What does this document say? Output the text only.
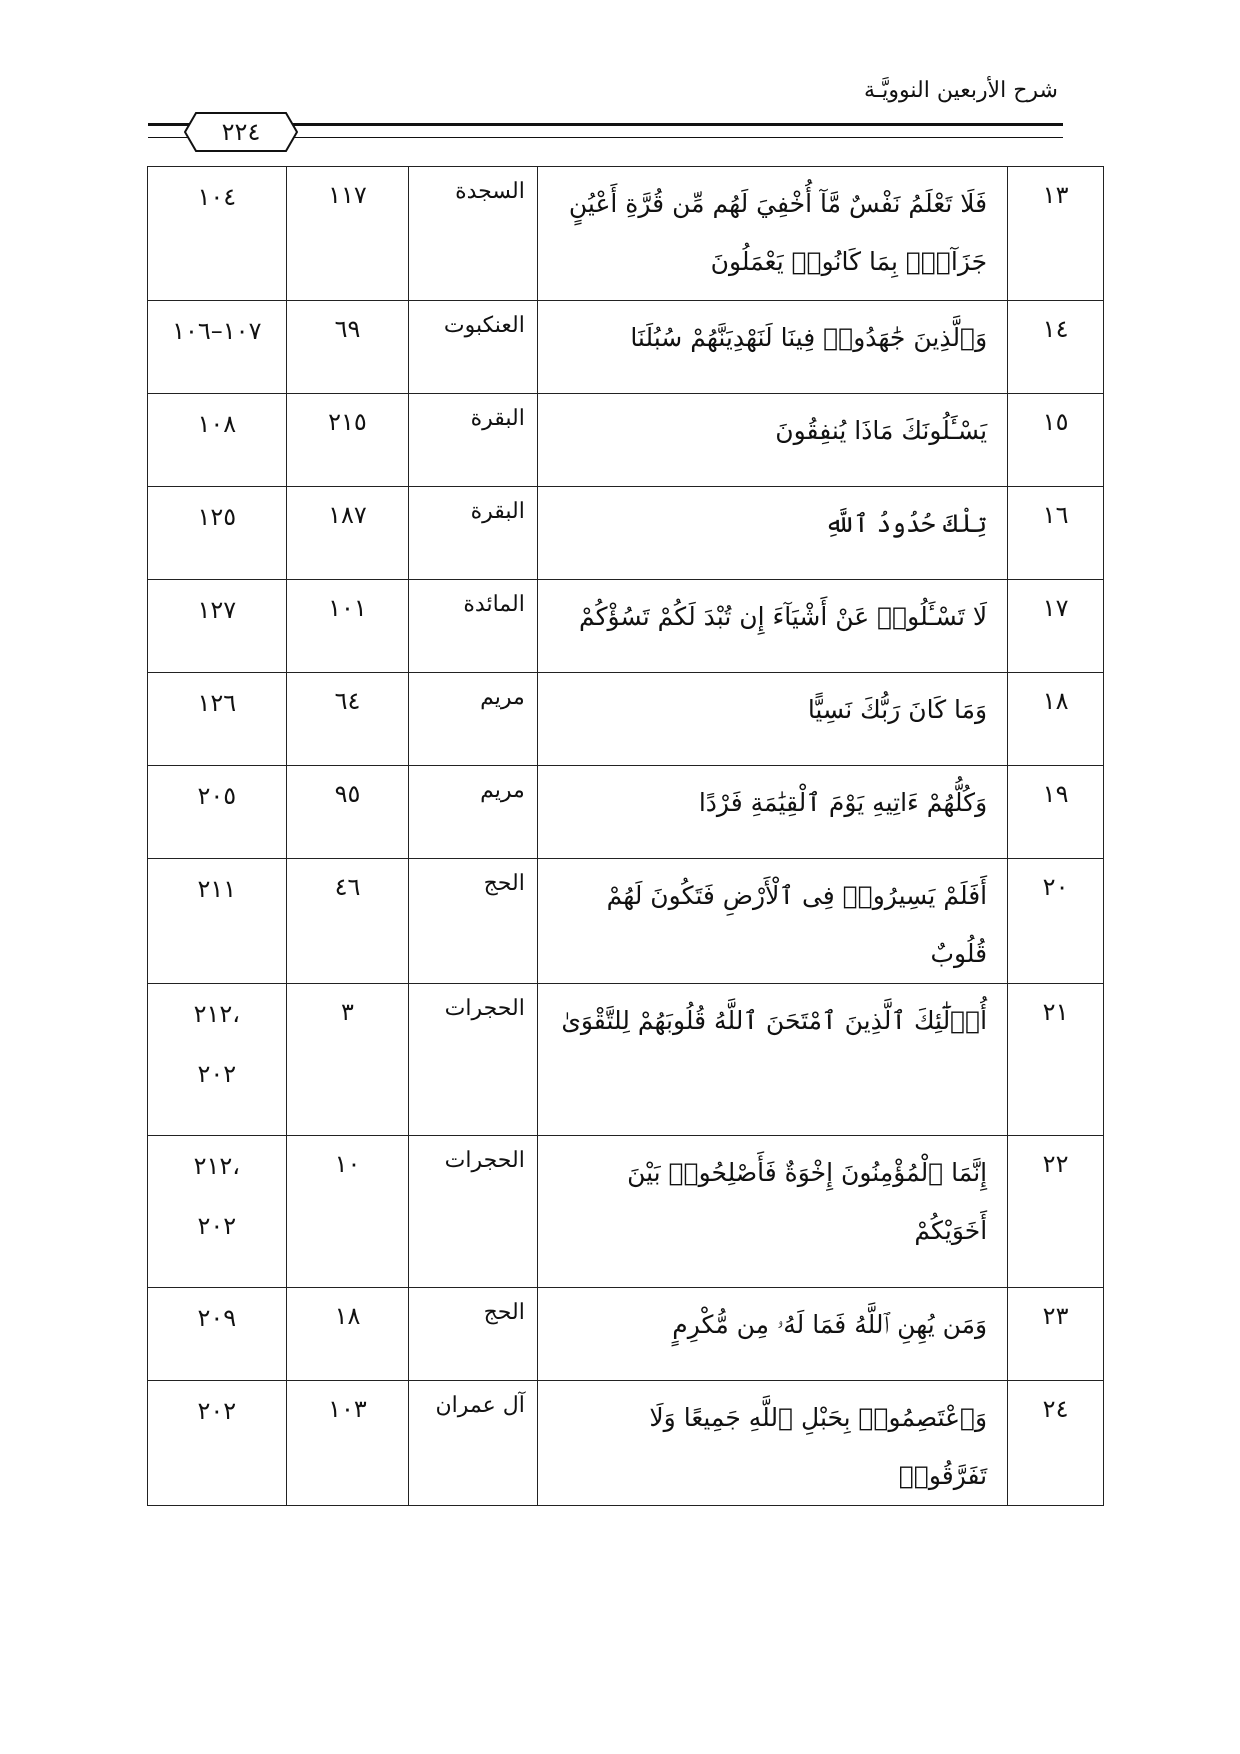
شرح الأربعين النوويَّـة
٢٢٤
١٣	فَلَا تَعْلَمُ نَفْسٌ مَّآ أُخْفِيَ لَهُم مِّن قُرَّةِ أَعْيُنٍ جَزَآءًۢ بِمَا كَانُوا۟ يَعْمَلُونَ	السجدة	١١٧	١٠٤

١٤	وَٱلَّذِينَ جَٰهَدُوا۟ فِينَا لَنَهْدِيَنَّهُمْ سُبُلَنَا	العنكبوت	٦٩	١٠٧–١٠٦

١٥	يَسْـَٔلُونَكَ مَاذَا يُنفِقُونَ	البقرة	٢١٥	١٠٨

١٦	تِلْكَ حُدُودُ ٱللَّهِ	البقرة	١٨٧	١٢٥

١٧	لَا تَسْـَٔلُوا۟ عَنْ أَشْيَآءَ إِن تُبْدَ لَكُمْ تَسُؤْكُمْ	المائدة	١٠١	١٢٧

١٨	وَمَا كَانَ رَبُّكَ نَسِيًّا	مريم	٦٤	١٢٦

١٩	وَكُلُّهُمْ ءَاتِيهِ يَوْمَ ٱلْقِيَٰمَةِ فَرْدًا	مريم	٩٥	٢٠٥

٢٠	أَفَلَمْ يَسِيرُوا۟ فِى ٱلْأَرْضِ فَتَكُونَ لَهُمْ قُلُوبٌ	الحج	٤٦	٢١١

٢١	أُو۟لَٰٓئِكَ ٱلَّذِينَ ٱمْتَحَنَ ٱللَّهُ قُلُوبَهُمْ لِلتَّقْوَىٰ	الحجرات	٣	،٢١٢
٢٠٢

٢٢	إِنَّمَا ٱلْمُؤْمِنُونَ إِخْوَةٌ فَأَصْلِحُوا۟ بَيْنَ أَخَوَيْكُمْ	الحجرات	١٠	،٢١٢
٢٠٢

٢٣	وَمَن يُهِنِ ٱللَّهُ فَمَا لَهُۥ مِن مُّكْرِمٍ	الحج	١٨	٢٠٩

٢٤	وَٱعْتَصِمُوا۟ بِحَبْلِ ٱللَّهِ جَمِيعًا وَلَا تَفَرَّقُوا۟	آل عمران	١٠٣	٢٠٢
